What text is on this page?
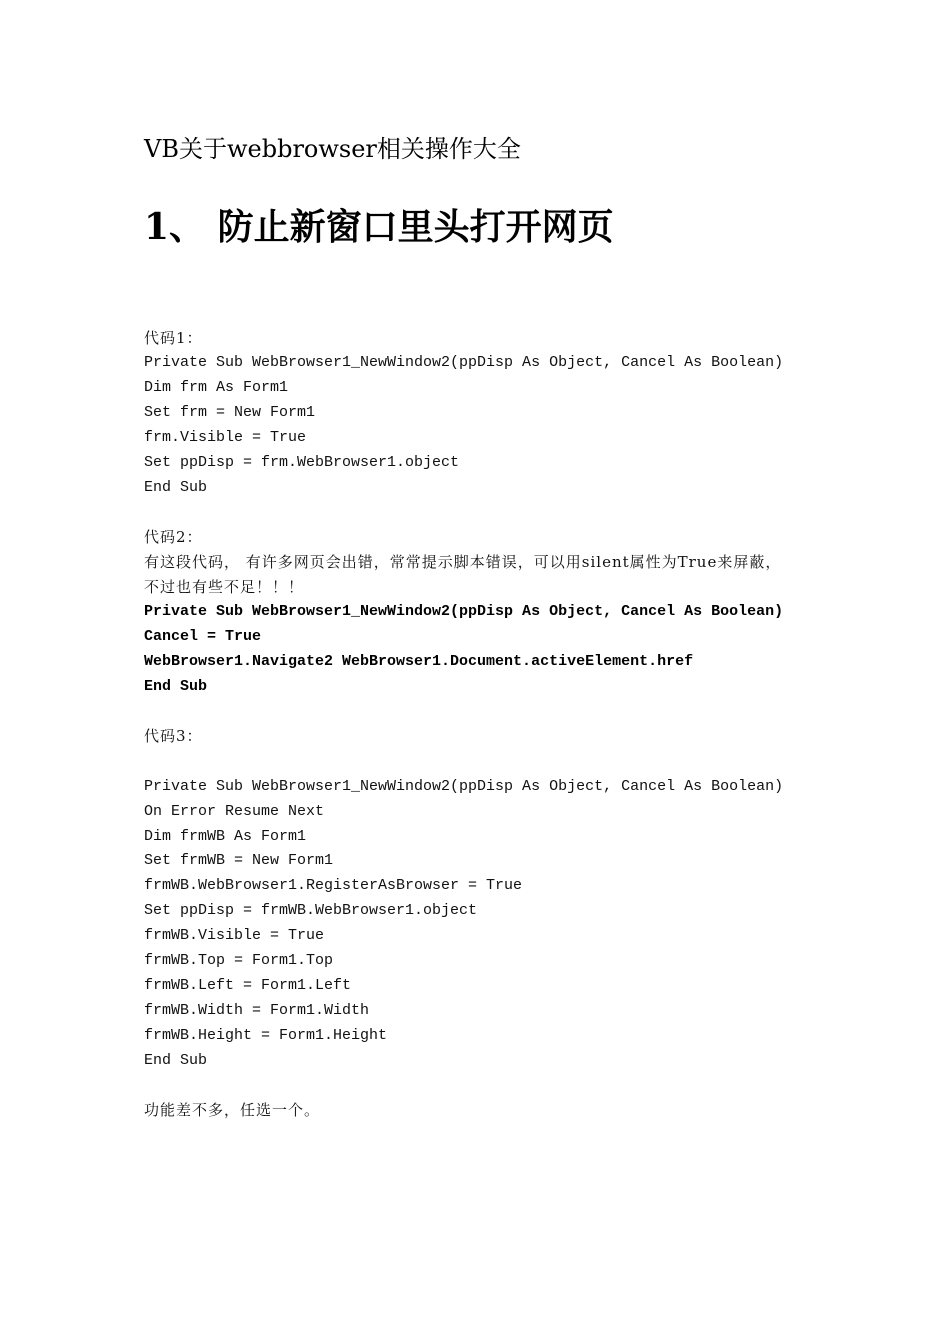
VB关于webbrowser相关操作大全
1、 防止新窗口里头打开网页
代码1：
Private Sub WebBrowser1_NewWindow2(ppDisp As Object, Cancel As Boolean)
Dim frm As Form1
Set frm = New Form1
frm.Visible = True
Set ppDisp = frm.WebBrowser1.object
End Sub
代码2：
有这段代码， 有许多网页会出错，常常提示脚本错误，可以用silent属性为True来屏蔽，
不过也有些不足！！！
Private Sub WebBrowser1_NewWindow2(ppDisp As Object, Cancel As Boolean)
Cancel = True
WebBrowser1.Navigate2 WebBrowser1.Document.activeElement.href
End Sub
代码3：
Private Sub WebBrowser1_NewWindow2(ppDisp As Object, Cancel As Boolean)
On Error Resume Next
Dim frmWB As Form1
Set frmWB = New Form1
frmWB.WebBrowser1.RegisterAsBrowser = True
Set ppDisp = frmWB.WebBrowser1.object
frmWB.Visible = True
frmWB.Top = Form1.Top
frmWB.Left = Form1.Left
frmWB.Width = Form1.Width
frmWB.Height = Form1.Height
End Sub
功能差不多，任选一个。
